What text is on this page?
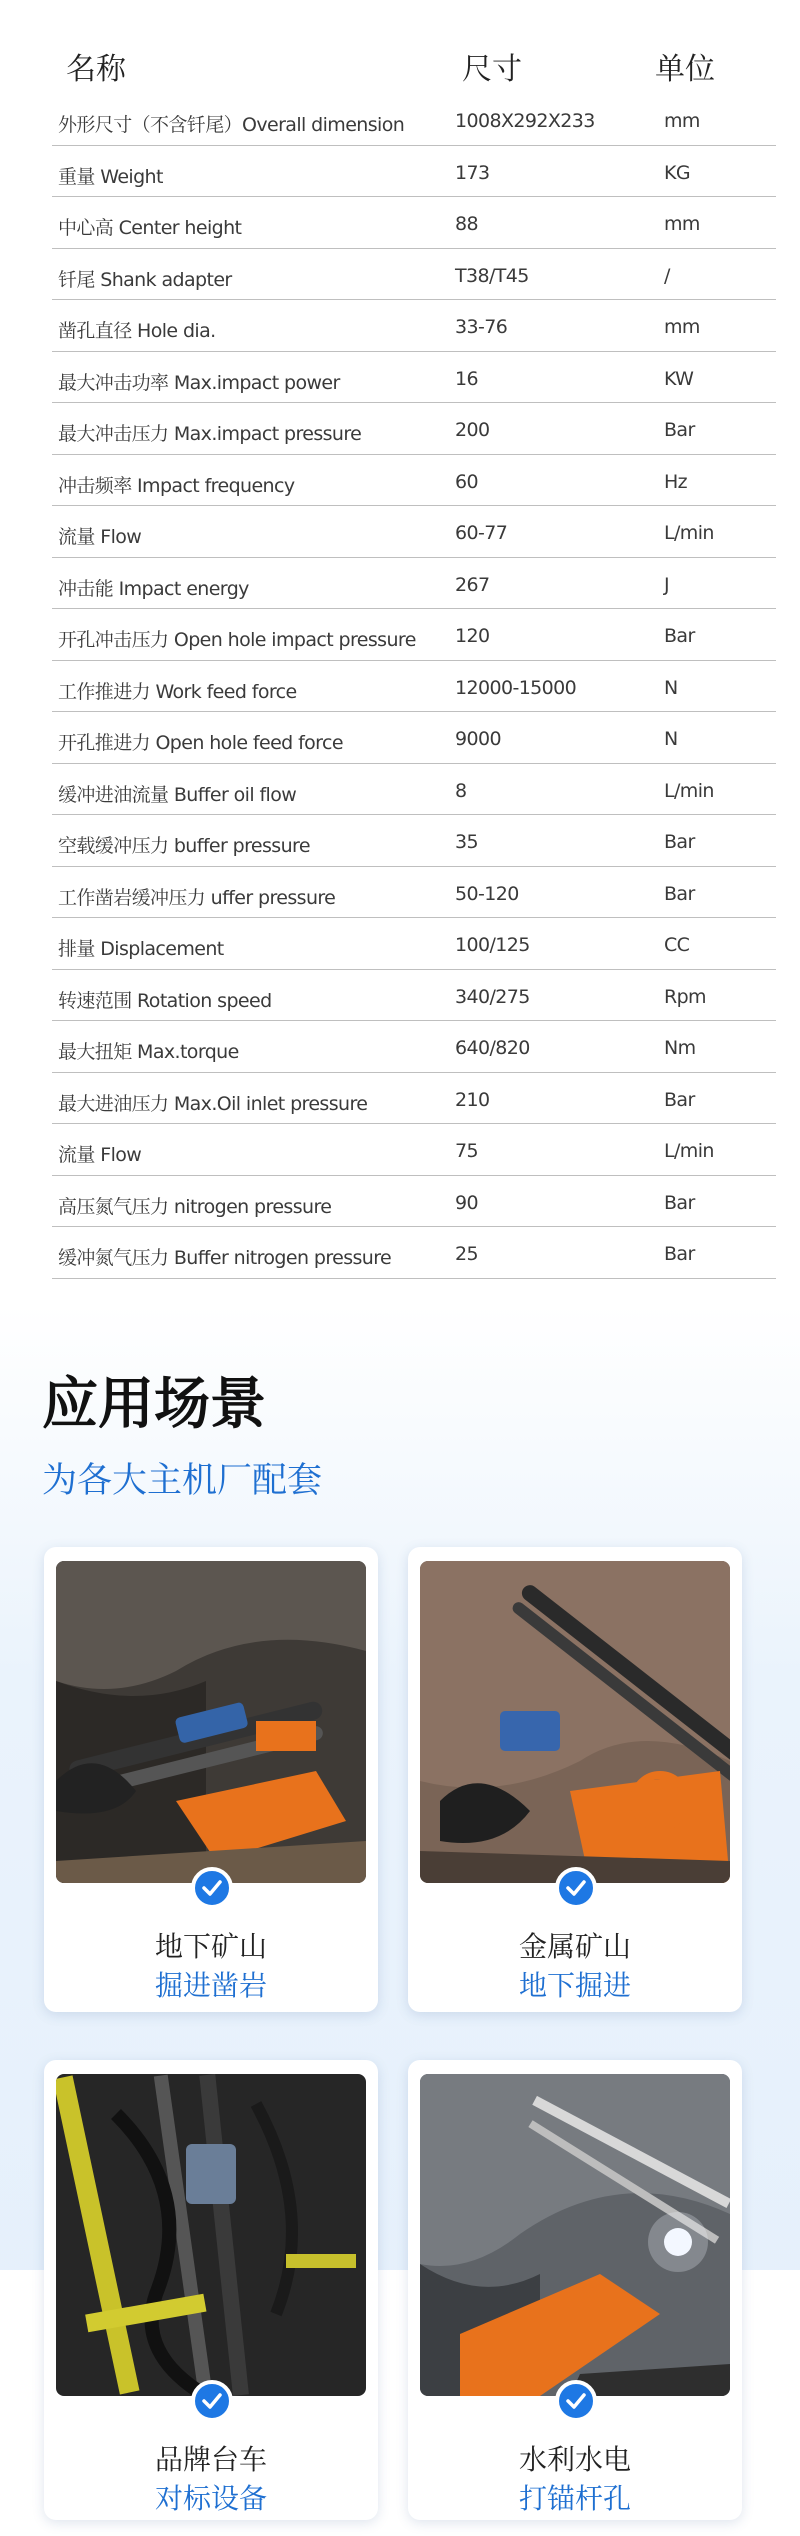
名称	尺寸	单位
外形尺寸（不含钎尾）Overall dimension	1008X292X233	mm
重量 Weight	173	KG
中心高 Center height	88	mm
钎尾 Shank adapter	T38/T45	/
凿孔直径 Hole dia.	33-76	mm
最大冲击功率 Max.impact power	16	KW
最大冲击压力 Max.impact pressure	200	Bar
冲击频率 Impact frequency	60	Hz
流量 Flow	60-77	L/min
冲击能 Impact energy	267	J
开孔冲击压力 Open hole impact pressure 120	Bar
工作推进力 Work feed force	12000-15000	N
开孔推进力 Open hole feed force	9000	N
缓冲进油流量 Buffer oil flow	8	L/min
空载缓冲压力 buffer pressure	35	Bar
工作凿岩缓冲压力 uffer pressure	50-120	Bar
排量 Displacement	100/125	CC
转速范围 Rotation speed	340/275	Rpm
最大扭矩 Max.torque	640/820	Nm
最大进油压力 Max.Oil inlet pressure	210	Bar
流量 Flow	75	L/min
高压氮气压力 nitrogen pressure	90	Bar
缓冲氮气压力 Buffer nitrogen pressure	25	Bar
应用场景
为各大主机厂配套
地下矿山
掘进凿岩
金属矿山
地下掘进
品牌台车
对标设备
水利水电
打锚杆孔
